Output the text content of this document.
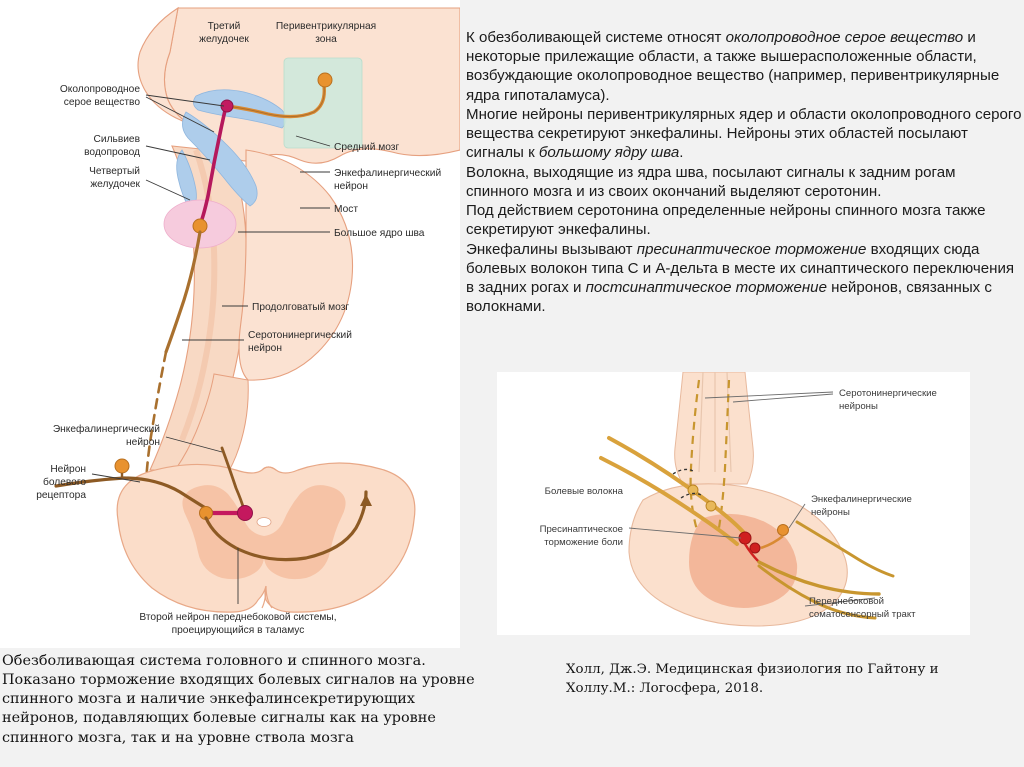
Третий
желудочек
Перивентрикулярная
зона
Околопроводное
серое вещество
Сильвиев
водопровод
Четвертый
желудочек
Средний мозг
Энкефалинергический
нейрон
Мост
Большое ядро шва
Продолговатый мозг
Серотонинергический
нейрон
Энкефалинергический
нейрон
Нейрон
болевого
рецептора
Второй нейрон переднебоковой системы,
проецирующийся в таламус

К обезболивающей системе относят околопроводное серое вещество и некоторые прилежащие области, а также вышерасположенные области, возбуждающие околопроводное вещество (например, перивентрикулярные ядра гипоталамуса).

Многие нейроны перивентрикулярных ядер и области околопроводного серого вещества секретируют энкефалины. Нейроны этих областей посылают сигналы к большому ядру шва.

Волокна, выходящие из ядра шва, посылают сигналы к задним рогам спинного мозга и из своих окончаний выделяют серотонин.

Под действием серотонина определенные нейроны спинного мозга также секретируют энкефалины.

Энкефалины вызывают пресинаптическое торможение входящих сюда болевых волокон типа С и А-дельта в месте их синаптического переключения в задних рогах и постсинаптическое торможение нейронов, связанных с волокнами.

Серотонинергические
нейроны
Болевые волокна
Пресинаптическое
торможение боли
Энкефалинергические
нейроны
Переднебоковой
соматосенсорный тракт
Обезболивающая система головного и спинного мозга. Показано торможение входящих болевых сигналов на уровне спинного мозга и наличие энкефалинсекретирующих нейронов, подавляющих болевые сигналы как на уровне спинного мозга, так и на уровне ствола мозга
Холл, Дж.Э. Медицинская физиология по Гайтону и
Холлу.М.: Логосфера, 2018.
